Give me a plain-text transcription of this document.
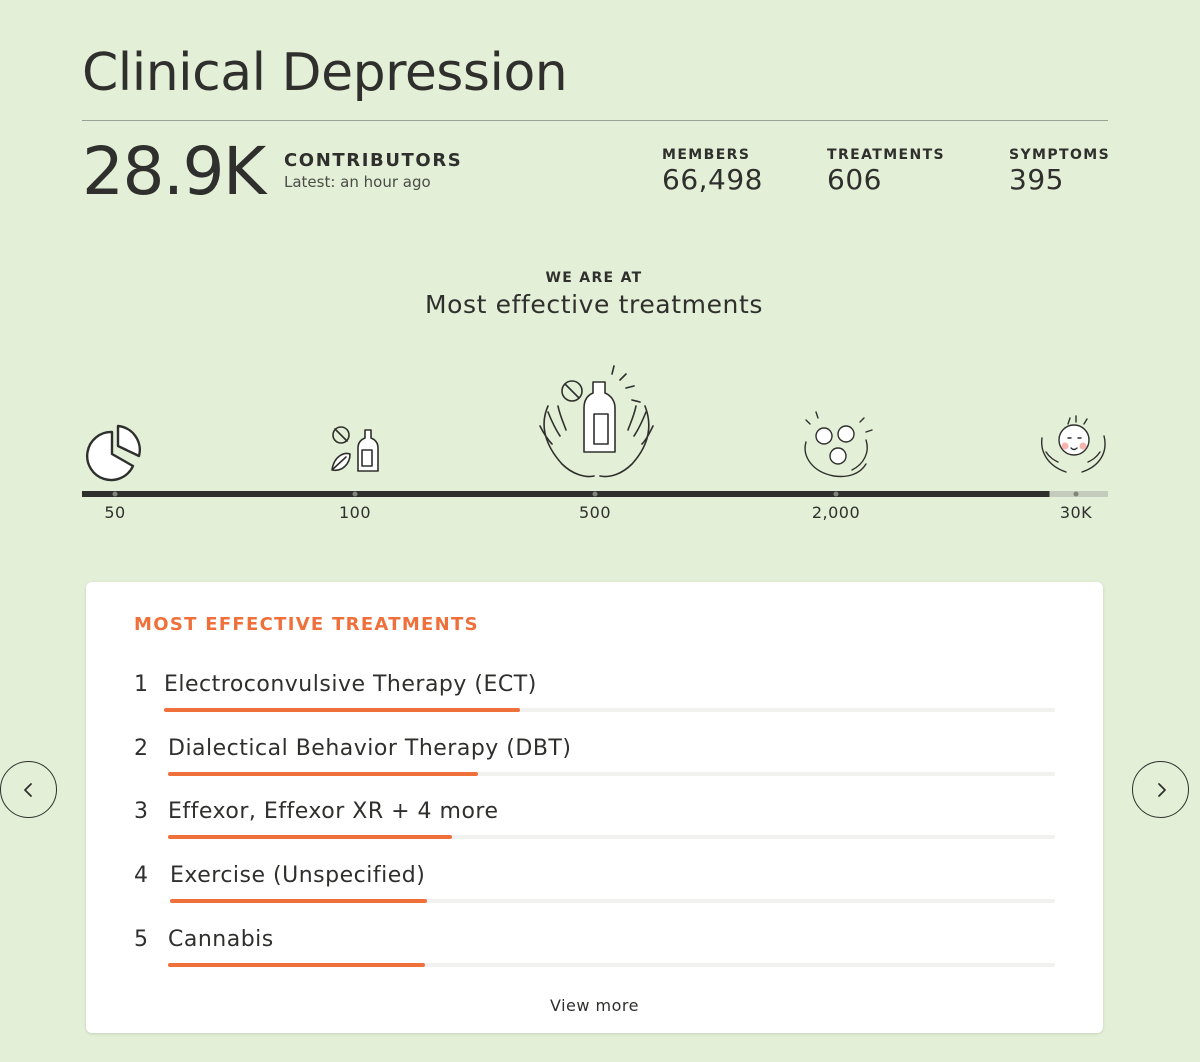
Clinical Depression
28.9K CONTRIBUTORS
Latest: an hour ago
MEMBERS
66,498
TREATMENTS
606
SYMPTOMS
395
WE ARE AT
Most effective treatments
50	100	500	2,000	30K
MOST EFFECTIVE TREATMENTS
1 Electroconvulsive Therapy (ECT)
2 Dialectical Behavior Therapy (DBT)
3 Effexor, Effexor XR + 4 more
4 Exercise (Unspecified)
5 Cannabis
View more
